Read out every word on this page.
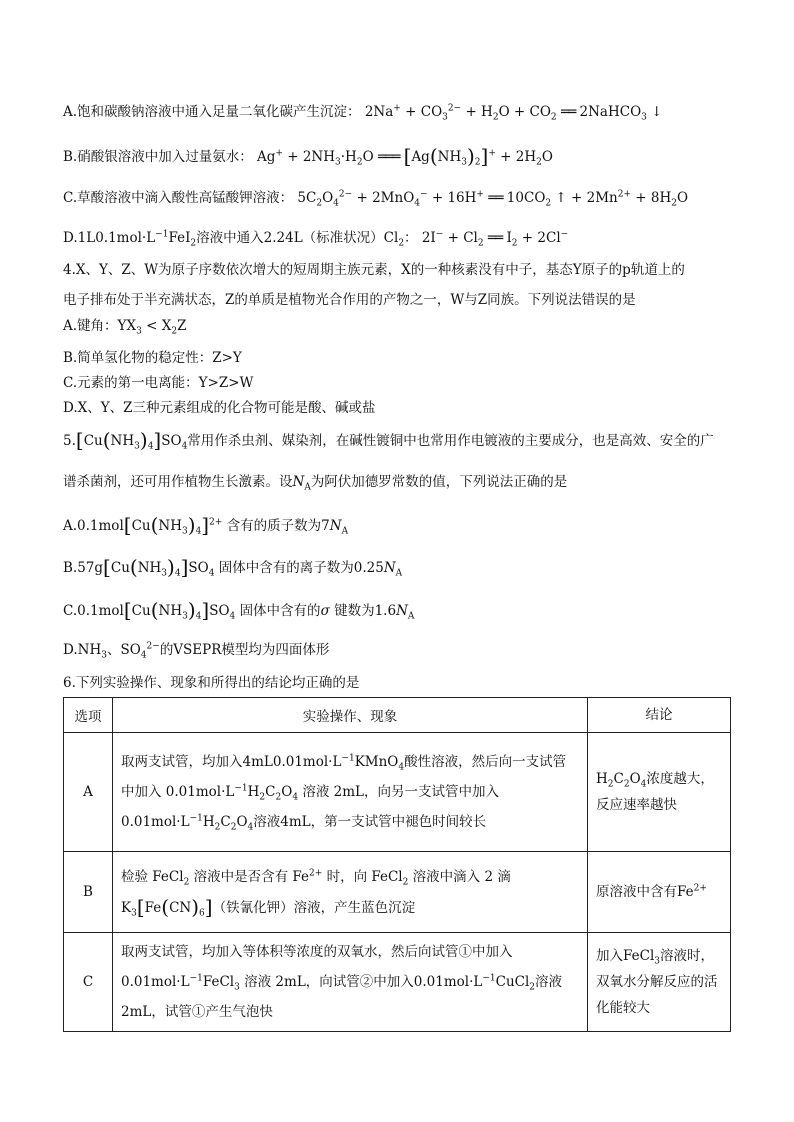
A.饱和碳酸钠溶液中通入足量二氧化碳产生沉淀： $2Na^+ + CO_3^{2-} + H_2O + CO_2$ ══ 2NaHCO$_3$ ↓
B.硝酸银溶液中加入过量氨水： $Ag^+ + 2NH_3\cdot H_2O$ ═══ $[Ag(NH_3)_2]^+ + 2H_2O$
C.草酸溶液中滴入酸性高锰酸钾溶液： $5C_2O_4^{2-} + 2MnO_4^- + 16H^+$ ══ $10CO_2$ ↑ + $2Mn^{2+} + 8H_2O$
$D.1L0.1mol\cdot L^{-1}FeI_2$溶液中通入2.24L（标准状况）$Cl_2$： $2I^- + Cl_2$ ══ $I_2 + 2Cl^-$
4.X、Y、Z、W为原子序数依次增大的短周期主族元素，X的一种核素没有中子，基态Y原子的p轨道上的
电子排布处于半充满状态，Z的单质是植物光合作用的产物之一，W与Z同族。下列说法错误的是
A.键角：$YX_3 < X_2Z$
B.简单氢化物的稳定性：Z>Y
C.元素的第一电离能：Y>Z>W
D.X、Y、Z三种元素组成的化合物可能是酸、碱或盐
$5.[Cu(NH_3)_4]SO_4$常用作杀虫剂、媒染剂，在碱性镀铜中也常用作电镀液的主要成分，也是高效、安全的广
谱杀菌剂，还可用作植物生长激素。设$N_A$为阿伏加德罗常数的值，下列说法正确的是
$A.0.1mol[Cu(NH_3)_4]^{2+}$ 含有的质子数为$7N_A$
$B.57g[Cu(NH_3)_4]SO_4$ 固体中含有的离子数为$0.25N_A$
$C.0.1mol[Cu(NH_3)_4]SO_4$ 固体中含有的σ 键数为$1.6N_A$
$D.NH_3$、$SO_4^{2-}$的VSEPR模型均为四面体形
6.下列实验操作、现象和所得出的结论均正确的是
选项	实验操作、现象	结论
A	取两支试管，均加入$4mL0.01mol\cdot L^{-1}KMnO_4$酸性溶液，然后向一支试管中加入 $0.01mol\cdot L^{-1}H_2C_2O_4$ 溶液 2mL，向另一支试管中加入$0.01mol\cdot L^{-1}H_2C_2O_4$溶液4mL，第一支试管中褪色时间较长	$H_2C_2O_4$浓度越大，反应速率越快
B	检验 FeCl$_2$ 溶液中是否含有 $Fe^{2+}$ 时，向 FeCl$_2$ 溶液中滴入 2 滴 $K_3[Fe(CN)_6]$（铁氰化钾）溶液，产生蓝色沉淀	原溶液中含有$Fe^{2+}$
C	取两支试管，均加入等体积等浓度的双氧水，然后向试管①中加入$0.01mol\cdot L^{-1}FeCl_3$ 溶液 2mL，向试管②中加入$0.01mol\cdot L^{-1}CuCl_2$溶液2mL，试管①产生气泡快	加入FeCl$_3$溶液时，双氧水分解反应的活化能较大
